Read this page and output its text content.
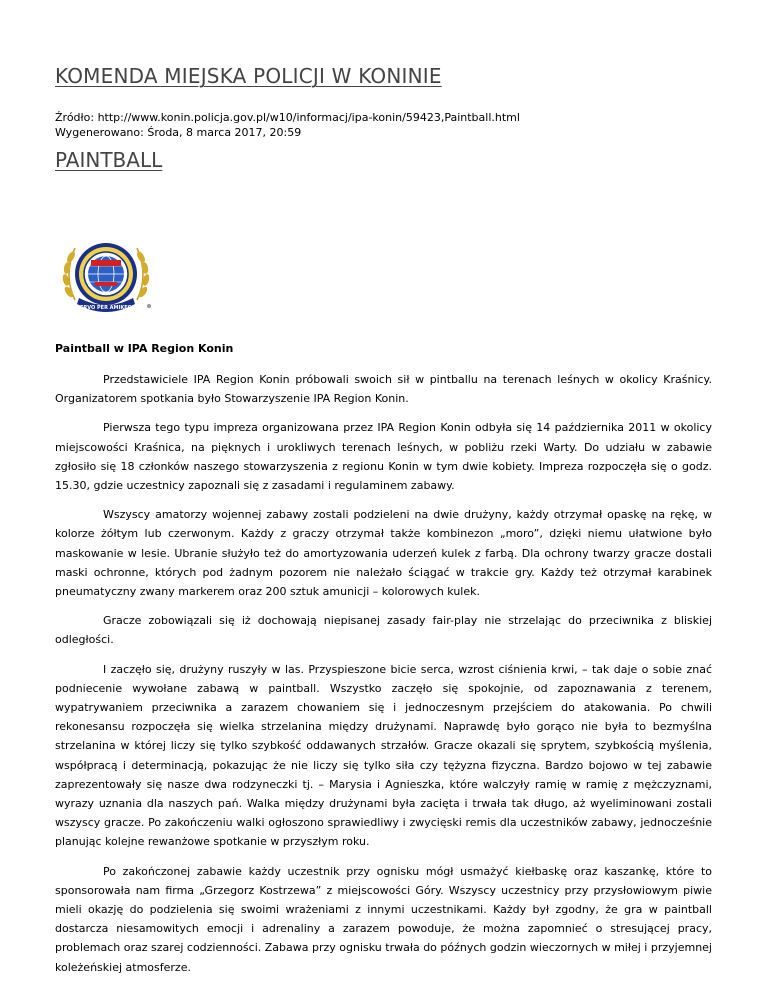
KOMENDA MIEJSKA POLICJI W KONINIE
Źródło: http://www.konin.policja.gov.pl/w10/informacj/ipa-konin/59423,Paintball.html
Wygenerowano: Środa, 8 marca 2017, 20:59
PAINTBALL
SERVO PER AMIKECO
Paintball w IPA Region Konin

Przedstawiciele IPA Region Konin próbowali swoich sił w pintballu na terenach leśnych w okolicy Kraśnicy. Organizatorem spotkania było Stowarzyszenie IPA Region Konin.

Pierwsza tego typu impreza organizowana przez IPA Region Konin odbyła się 14 października 2011 w okolicy miejscowości Kraśnica, na pięknych i urokliwych terenach leśnych, w pobliżu rzeki Warty. Do udziału w zabawie zgłosiło się 18 członków naszego stowarzyszenia z regionu Konin w tym dwie kobiety. Impreza rozpoczęła się o godz. 15.30, gdzie uczestnicy zapoznali się z zasadami i regulaminem zabawy.

Wszyscy amatorzy wojennej zabawy zostali podzieleni na dwie drużyny, każdy otrzymał opaskę na rękę, w kolorze żółtym lub czerwonym. Każdy z graczy otrzymał także kombinezon „moro”, dzięki niemu ułatwione było maskowanie w lesie. Ubranie służyło też do amortyzowania uderzeń kulek z farbą. Dla ochrony twarzy gracze dostali maski ochronne, których pod żadnym pozorem nie należało ściągać w trakcie gry. Każdy też otrzymał karabinek pneumatyczny zwany markerem oraz 200 sztuk amunicji – kolorowych kulek.

Gracze zobowiązali się iż dochowają niepisanej zasady fair-play nie strzelając do przeciwnika z bliskiej odległości.

I zaczęło się, drużyny ruszyły w las. Przyspieszone bicie serca, wzrost ciśnienia krwi, – tak daje o sobie znać podniecenie wywołane zabawą w paintball. Wszystko zaczęło się spokojnie, od zapoznawania z terenem, wypatrywaniem przeciwnika a zarazem chowaniem się i jednoczesnym przejściem do atakowania. Po chwili rekonesansu rozpoczęła się wielka strzelanina między drużynami. Naprawdę było gorąco nie była to bezmyślna strzelanina w której liczy się tylko szybkość oddawanych strzałów. Gracze okazali się sprytem, szybkością myślenia, współpracą i determinacją, pokazując że nie liczy się tylko siła czy tężyzna fizyczna. Bardzo bojowo w tej zabawie zaprezentowały się nasze dwa rodzyneczki tj. – Marysia i Agnieszka, które walczyły ramię w ramię z mężczyznami, wyrazy uznania dla naszych pań. Walka między drużynami była zacięta i trwała tak długo, aż wyeliminowani zostali wszyscy gracze. Po zakończeniu walki ogłoszono sprawiedliwy i zwycięski remis dla uczestników zabawy, jednocześnie planując kolejne rewanżowe spotkanie w przyszłym roku.

Po zakończonej zabawie każdy uczestnik przy ognisku mógł usmażyć kiełbaskę oraz kaszankę, które to sponsorowała nam firma „Grzegorz Kostrzewa” z miejscowości Góry. Wszyscy uczestnicy przy przysłowiowym piwie mieli okazję do podzielenia się swoimi wrażeniami z innymi uczestnikami. Każdy był zgodny, że gra w paintball dostarcza niesamowitych emocji i adrenaliny a zarazem powoduje, że można zapomnieć o stresującej pracy, problemach oraz szarej codzienności. Zabawa przy ognisku trwała do późnych godzin wieczornych w miłej i przyjemnej koleżeńskiej atmosferze.
